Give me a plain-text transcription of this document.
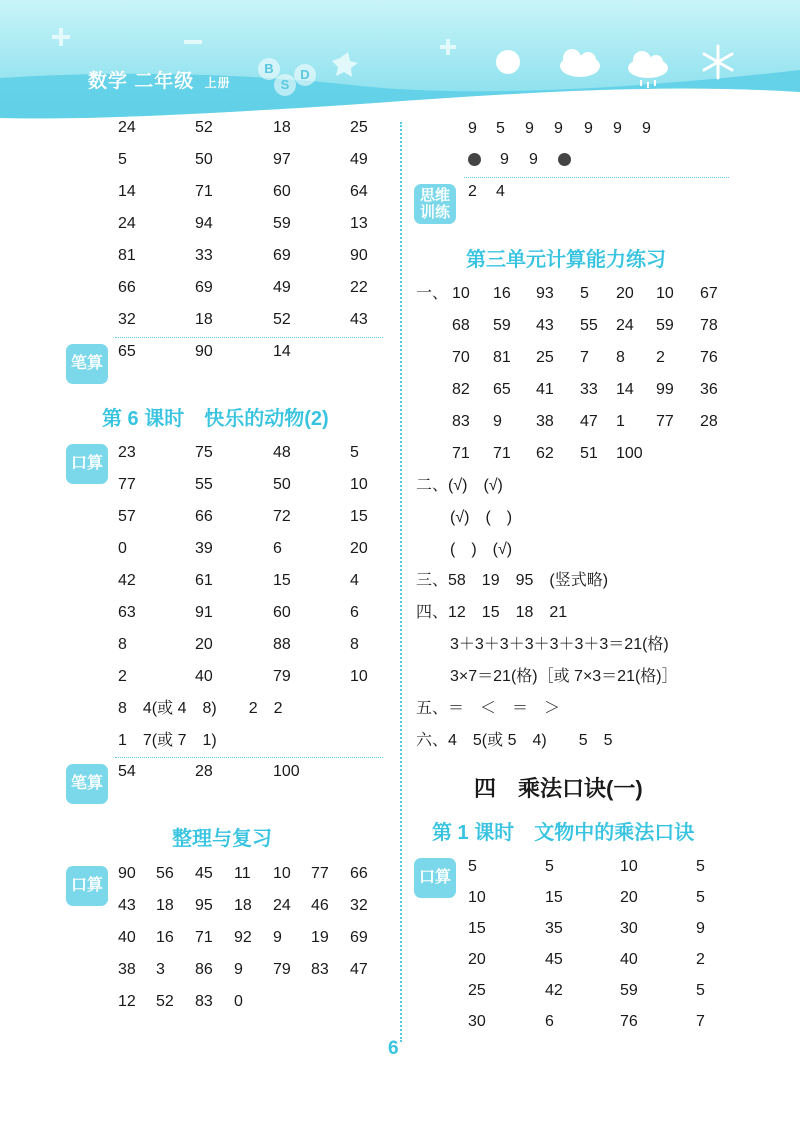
数学 二年级 上册
B
S
D
24	52	18	25
5	50	97	49
14	71	60	64
24	94	59	13
81	33	69	90
66	69	49	22
32	18	52	43
笔算
65	90	14
第 6 课时　快乐的动物(2)
口算
23	75	48	5
77	55	50	10
57	66	72	15
0	39	6	20
42	61	15	4
63	91	60	6
8	20	88	8
2	40	79	10
8　4(或 4　8)　　2　2
1　7(或 7　1)
笔算
54	28	100
整理与复习
口算
90 56 45 11 10 77 66
43 18 95 18 24 46 32
40 16 71 92 9 19 69
38 3 86 9 79 83 47
12 52 83 0
9 5 9 9 9 9 9
9 9
思维训练
2 4
第三单元计算能力练习
一、 10 16 93 5 20 10 67
68 59 43 55 24 59 78
70 81 25 7 8 2 76
82 65 41 33 14 99 36
83 9 38 47 1 77 28
71 71 62 51 100
二、(√)　(√)
(√)　(　)
(　)　(√)
三、58　19　95　(竖式略)
四、12　15　18　21
3＋3＋3＋3＋3＋3＋3＝21(格)
3×7＝21(格)［或 7×3＝21(格)］
五、＝　＜　＝　＞
六、4　5(或 5　4)　　5　5
四　乘法口诀(一)
第 1 课时　文物中的乘法口诀
口算
5	5	10	5
10	15	20	5
15	35	30	9
20	45	40	2
25	42	59	5
30	6	76	7
6
